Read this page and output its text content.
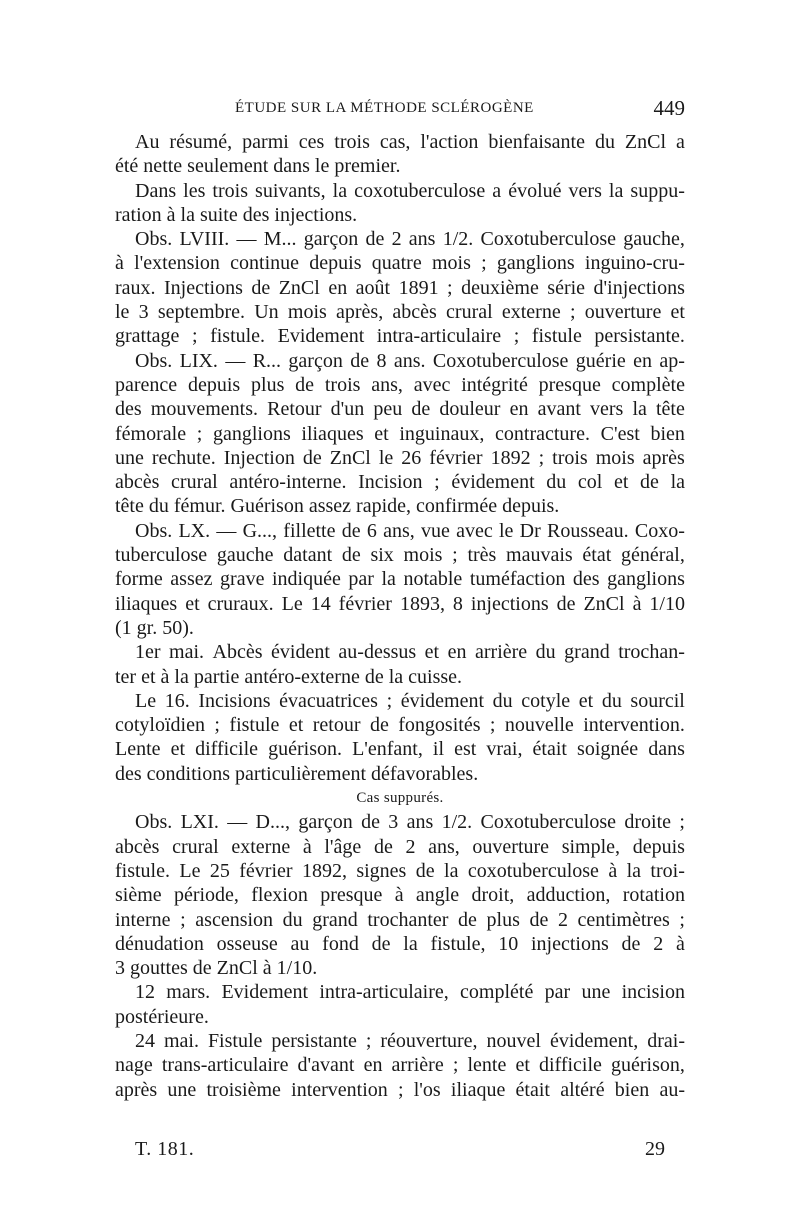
ÉTUDE SUR LA MÉTHODE SCLÉROGÈNE	449
Au résumé, parmi ces trois cas, l'action bienfaisante du ZnCl a
été nette seulement dans le premier.
Dans les trois suivants, la coxotuberculose a évolué vers la suppu-
ration à la suite des injections.
Obs. LVIII. — M... garçon de 2 ans 1/2. Coxotuberculose gauche,
à l'extension continue depuis quatre mois ; ganglions inguino-cru-
raux. Injections de ZnCl en août 1891 ; deuxième série d'injections
le 3 septembre. Un mois après, abcès crural externe ; ouverture et
grattage ; fistule. Evidement intra-articulaire ; fistule persistante.
Obs. LIX. — R... garçon de 8 ans. Coxotuberculose guérie en ap-
parence depuis plus de trois ans, avec intégrité presque complète
des mouvements. Retour d'un peu de douleur en avant vers la tête
fémorale ; ganglions iliaques et inguinaux, contracture. C'est bien
une rechute. Injection de ZnCl le 26 février 1892 ; trois mois après
abcès crural antéro-interne. Incision ; évidement du col et de la
tête du fémur. Guérison assez rapide, confirmée depuis.
Obs. LX. — G..., fillette de 6 ans, vue avec le Dr Rousseau. Coxo-
tuberculose gauche datant de six mois ; très mauvais état général,
forme assez grave indiquée par la notable tuméfaction des ganglions
iliaques et cruraux. Le 14 février 1893, 8 injections de ZnCl à 1/10
(1 gr. 50).
1er mai. Abcès évident au-dessus et en arrière du grand trochan-
ter et à la partie antéro-externe de la cuisse.
Le 16. Incisions évacuatrices ; évidement du cotyle et du sourcil
cotyloïdien ; fistule et retour de fongosités ; nouvelle intervention.
Lente et difficile guérison. L'enfant, il est vrai, était soignée dans
des conditions particulièrement défavorables.
Cas suppurés.
Obs. LXI. — D..., garçon de 3 ans 1/2. Coxotuberculose droite ;
abcès crural externe à l'âge de 2 ans, ouverture simple, depuis
fistule. Le 25 février 1892, signes de la coxotuberculose à la troi-
sième période, flexion presque à angle droit, adduction, rotation
interne ; ascension du grand trochanter de plus de 2 centimètres ;
dénudation osseuse au fond de la fistule, 10 injections de 2 à
3 gouttes de ZnCl à 1/10.
12 mars. Evidement intra-articulaire, complété par une incision
postérieure.
24 mai. Fistule persistante ; réouverture, nouvel évidement, drai-
nage trans-articulaire d'avant en arrière ; lente et difficile guérison,
après une troisième intervention ; l'os iliaque était altéré bien au-
T. 181.	29
